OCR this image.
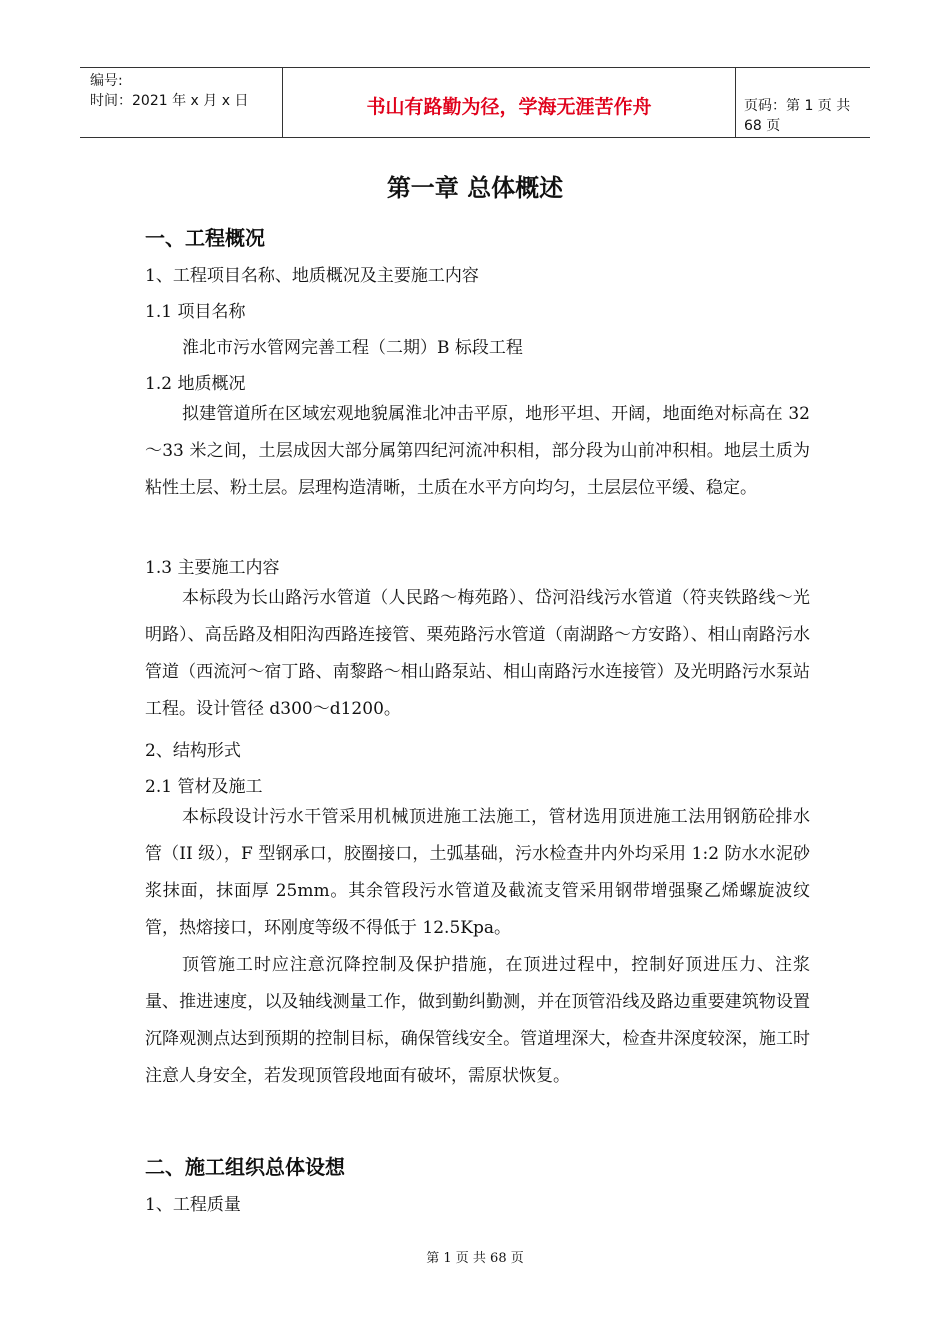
编号:
时间：2021 年 x 月 x 日	书山有路勤为径，学海无涯苦作舟	页码：第 1 页 共 68 页
第一章 总体概述
一、工程概况
1、工程项目名称、地质概况及主要施工内容
1.1 项目名称
淮北市污水管网完善工程（二期）B 标段工程
1.2 地质概况
拟建管道所在区域宏观地貌属淮北冲击平原，地形平坦、开阔，地面绝对标高在 32～33 米之间，土层成因大部分属第四纪河流冲积相，部分段为山前冲积相。地层土质为粘性土层、粉土层。层理构造清晰，土质在水平方向均匀，土层层位平缓、稳定。
1.3 主要施工内容
本标段为长山路污水管道（人民路～梅苑路）、岱河沿线污水管道（符夹铁路线～光明路）、高岳路及相阳沟西路连接管、栗苑路污水管道（南湖路～方安路）、相山南路污水管道（西流河～宿丁路、南黎路～相山路泵站、相山南路污水连接管）及光明路污水泵站工程。设计管径 d300～d1200。
2、结构形式
2.1 管材及施工
本标段设计污水干管采用机械顶进施工法施工，管材选用顶进施工法用钢筋砼排水管（II 级），F 型钢承口，胶圈接口，土弧基础，污水检查井内外均采用 1:2 防水水泥砂浆抹面，抹面厚 25mm。其余管段污水管道及截流支管采用钢带增强聚乙烯螺旋波纹管，热熔接口，环刚度等级不得低于 12.5Kpa。
顶管施工时应注意沉降控制及保护措施，在顶进过程中，控制好顶进压力、注浆量、推进速度，以及轴线测量工作，做到勤纠勤测，并在顶管沿线及路边重要建筑物设置沉降观测点达到预期的控制目标，确保管线安全。管道埋深大，检查井深度较深，施工时注意人身安全，若发现顶管段地面有破坏，需原状恢复。
二、施工组织总体设想
1、工程质量
第 1 页 共 68 页
